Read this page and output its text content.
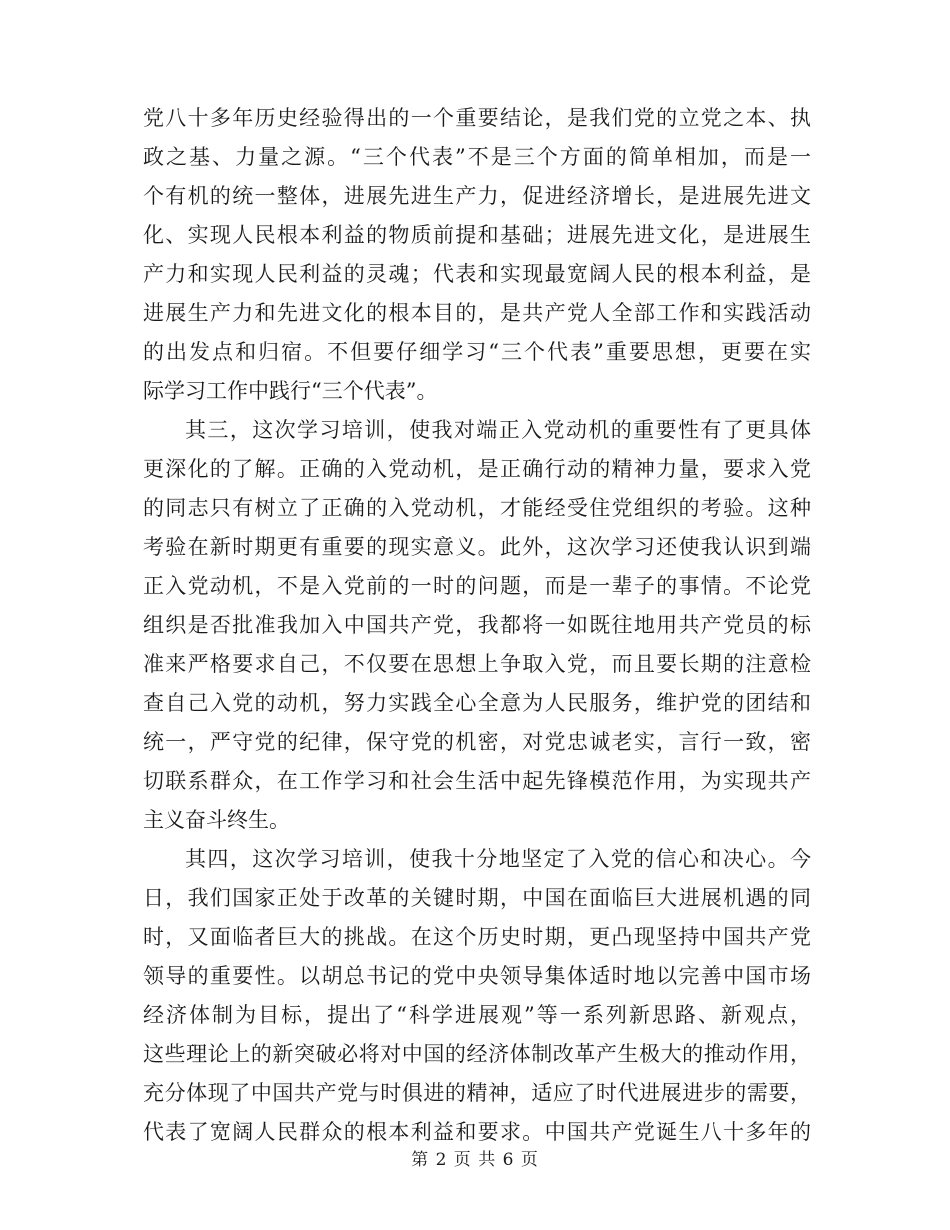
党八十多年历史经验得出的一个重要结论，是我们党的立党之本、执
政之基、力量之源。“三个代表”不是三个方面的简单相加，而是一
个有机的统一整体，进展先进生产力，促进经济增长，是进展先进文
化、实现人民根本利益的物质前提和基础；进展先进文化，是进展生
产力和实现人民利益的灵魂；代表和实现最宽阔人民的根本利益，是
进展生产力和先进文化的根本目的，是共产党人全部工作和实践活动
的出发点和归宿。不但要仔细学习“三个代表”重要思想，更要在实
际学习工作中践行“三个代表”。
其三，这次学习培训，使我对端正入党动机的重要性有了更具体
更深化的了解。正确的入党动机，是正确行动的精神力量，要求入党
的同志只有树立了正确的入党动机，才能经受住党组织的考验。这种
考验在新时期更有重要的现实意义。此外，这次学习还使我认识到端
正入党动机，不是入党前的一时的问题，而是一辈子的事情。不论党
组织是否批准我加入中国共产党，我都将一如既往地用共产党员的标
准来严格要求自己，不仅要在思想上争取入党，而且要长期的注意检
查自己入党的动机，努力实践全心全意为人民服务，维护党的团结和
统一，严守党的纪律，保守党的机密，对党忠诚老实，言行一致，密
切联系群众，在工作学习和社会生活中起先锋模范作用，为实现共产
主义奋斗终生。
其四，这次学习培训，使我十分地坚定了入党的信心和决心。今
日，我们国家正处于改革的关键时期，中国在面临巨大进展机遇的同
时，又面临者巨大的挑战。在这个历史时期，更凸现坚持中国共产党
领导的重要性。以胡总书记的党中央领导集体适时地以完善中国市场
经济体制为目标，提出了“科学进展观”等一系列新思路、新观点，
这些理论上的新突破必将对中国的经济体制改革产生极大的推动作用，
充分体现了中国共产党与时俱进的精神，适应了时代进展进步的需要，
代表了宽阔人民群众的根本利益和要求。中国共产党诞生八十多年的
第 2 页 共 6 页
